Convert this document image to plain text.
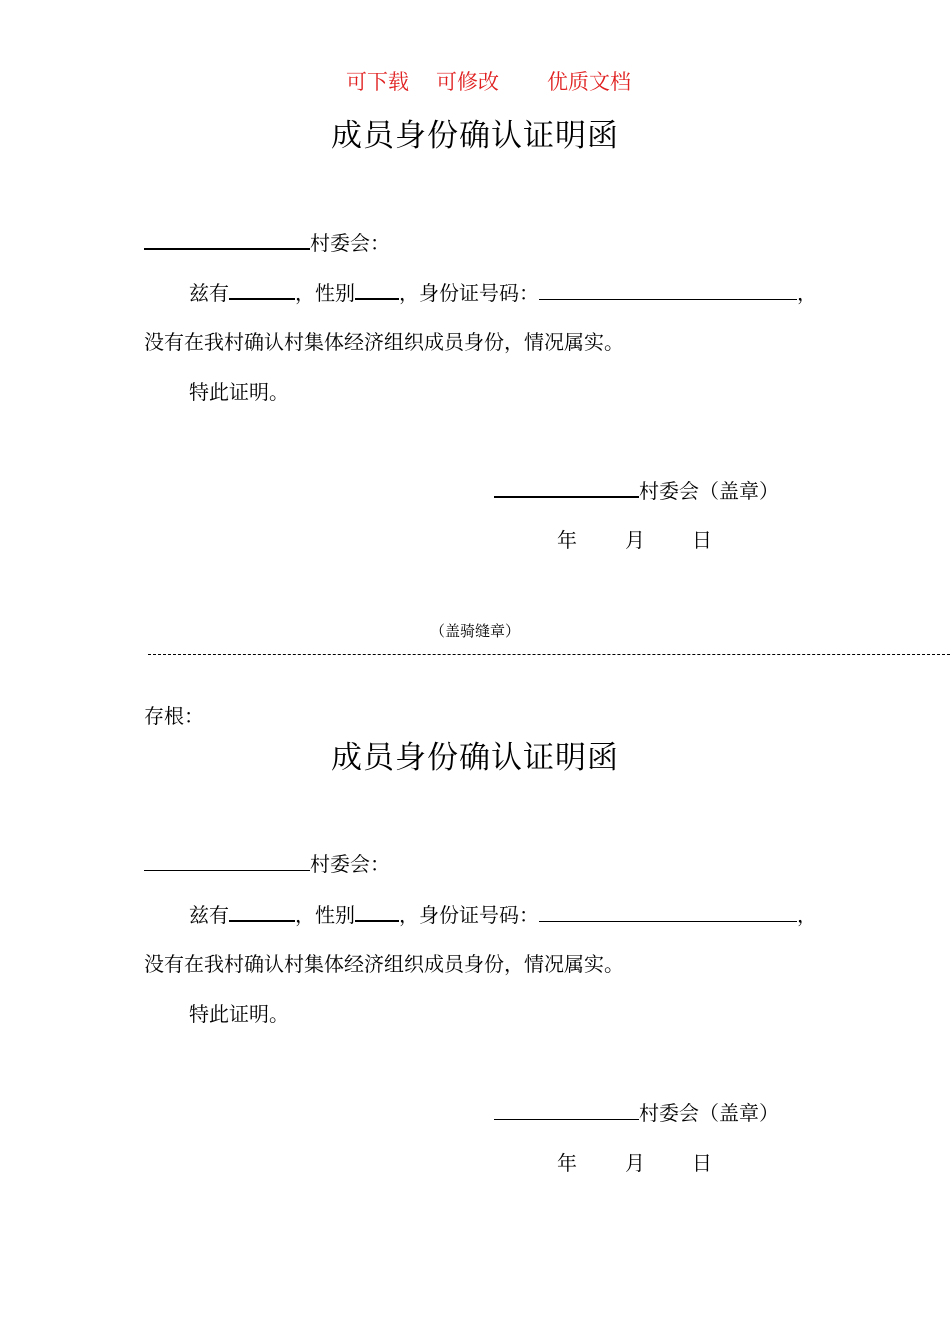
可下载 可修改 优质文档
成员身份确认证明函
村委会：
兹有	，性别 ，身份证号码：	，
没有在我村确认村集体经济组织成员身份，情况属实。
特此证明。
村委会（盖章）
年 月 日
（盖骑缝章）
存根：
成员身份确认证明函
村委会：
兹有	，性别 ，身份证号码：	，
没有在我村确认村集体经济组织成员身份，情况属实。
特此证明。
村委会（盖章）
年 月 日
